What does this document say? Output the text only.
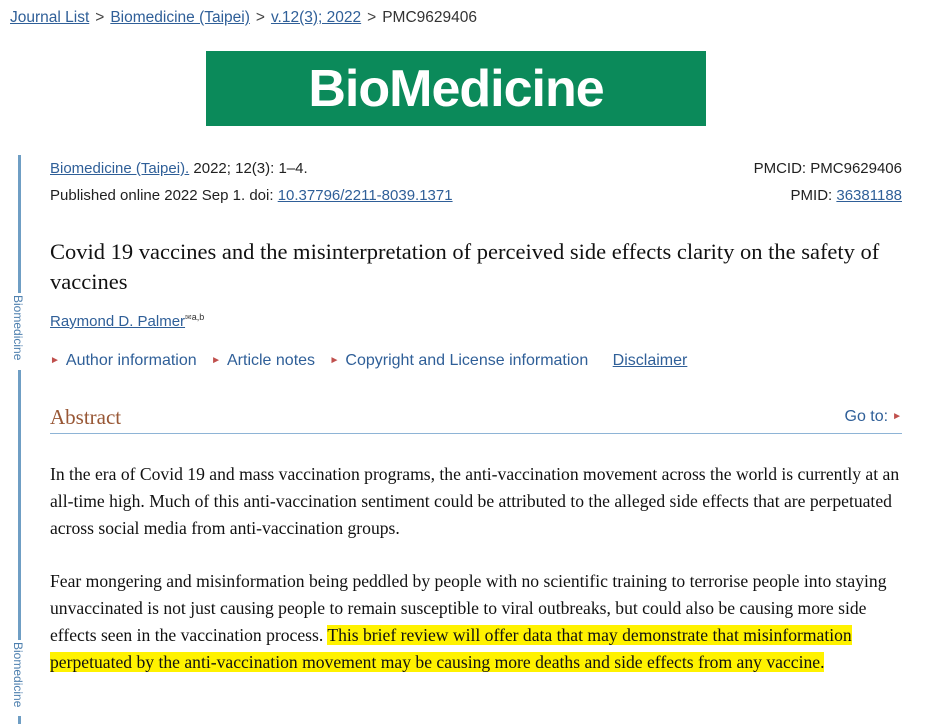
Journal List > Biomedicine (Taipei) > v.12(3); 2022 > PMC9629406
BioMedicine
Biomedicine
Biomedicine
Biomedicine (Taipei). 2022; 12(3): 1–4.	PMCID: PMC9629406
Published online 2022 Sep 1. doi: 10.37796/2211-8039.1371	PMID: 36381188
Covid 19 vaccines and the misinterpretation of perceived side effects clarity on the safety of vaccines
Raymond D. Palmer$^{✉a,b}$
► Author information ► Article notes ► Copyright and License information Disclaimer
Abstract	Go to: ►
In the era of Covid 19 and mass vaccination programs, the anti-vaccination movement across the world is currently at an all-time high. Much of this anti-vaccination sentiment could be attributed to the alleged side effects that are perpetuated across social media from anti-vaccination groups.
Fear mongering and misinformation being peddled by people with no scientific training to terrorise people into staying unvaccinated is not just causing people to remain susceptible to viral outbreaks, but could also be causing more side effects seen in the vaccination process. This brief review will offer data that may demonstrate that misinformation perpetuated by the anti-vaccination movement may be causing more deaths and side effects from any vaccine.
